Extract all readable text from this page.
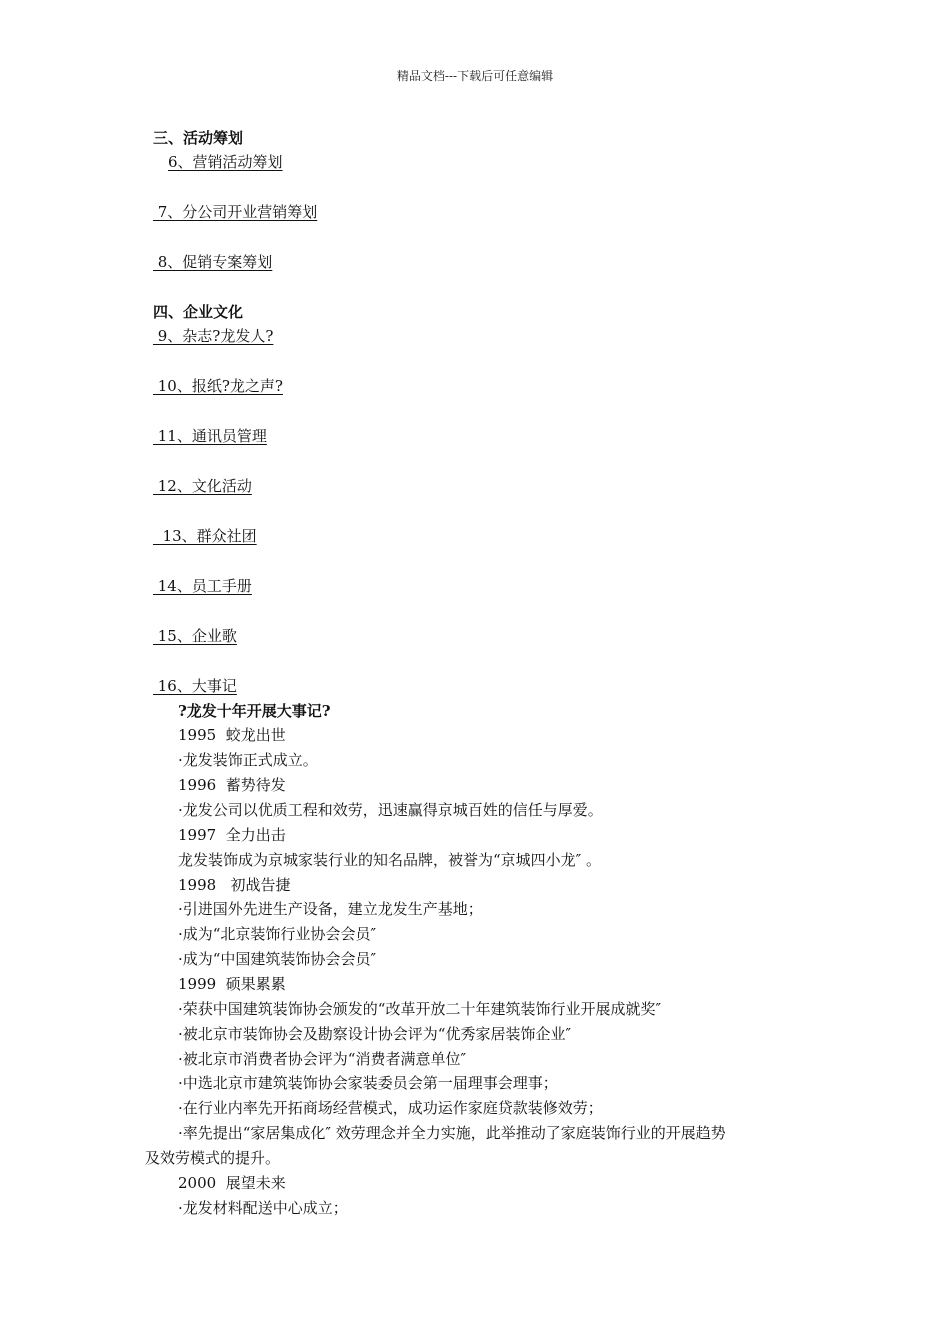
精品文档---下载后可任意编辑
三、活动筹划
6、营销活动筹划
7、分公司开业营销筹划
8、促销专案筹划
四、企业文化
9、杂志?龙发人?
10、报纸?龙之声?
11、通讯员管理
12、文化活动
13、群众社团
14、员工手册
15、企业歌
16、大事记
?龙发十年开展大事记?
1995  蛟龙出世
·龙发装饰正式成立。
1996  蓄势待发
·龙发公司以优质工程和效劳，迅速赢得京城百姓的信任与厚爱。
1997  全力出击
龙发装饰成为京城家装行业的知名品牌，被誉为“京城四小龙″ 。
1998   初战告捷
·引进国外先进生产设备，建立龙发生产基地；
·成为“北京装饰行业协会会员″
·成为“中国建筑装饰协会会员″
1999  硕果累累
·荣获中国建筑装饰协会颁发的“改革开放二十年建筑装饰行业开展成就奖″
·被北京市装饰协会及勘察设计协会评为“优秀家居装饰企业″
·被北京市消费者协会评为“消费者满意单位″
·中选北京市建筑装饰协会家装委员会第一届理事会理事；
·在行业内率先开拓商场经营模式，成功运作家庭贷款装修效劳；
·率先提出“家居集成化″ 效劳理念并全力实施，此举推动了家庭装饰行业的开展趋势
及效劳模式的提升。
2000  展望未来
·龙发材料配送中心成立；
